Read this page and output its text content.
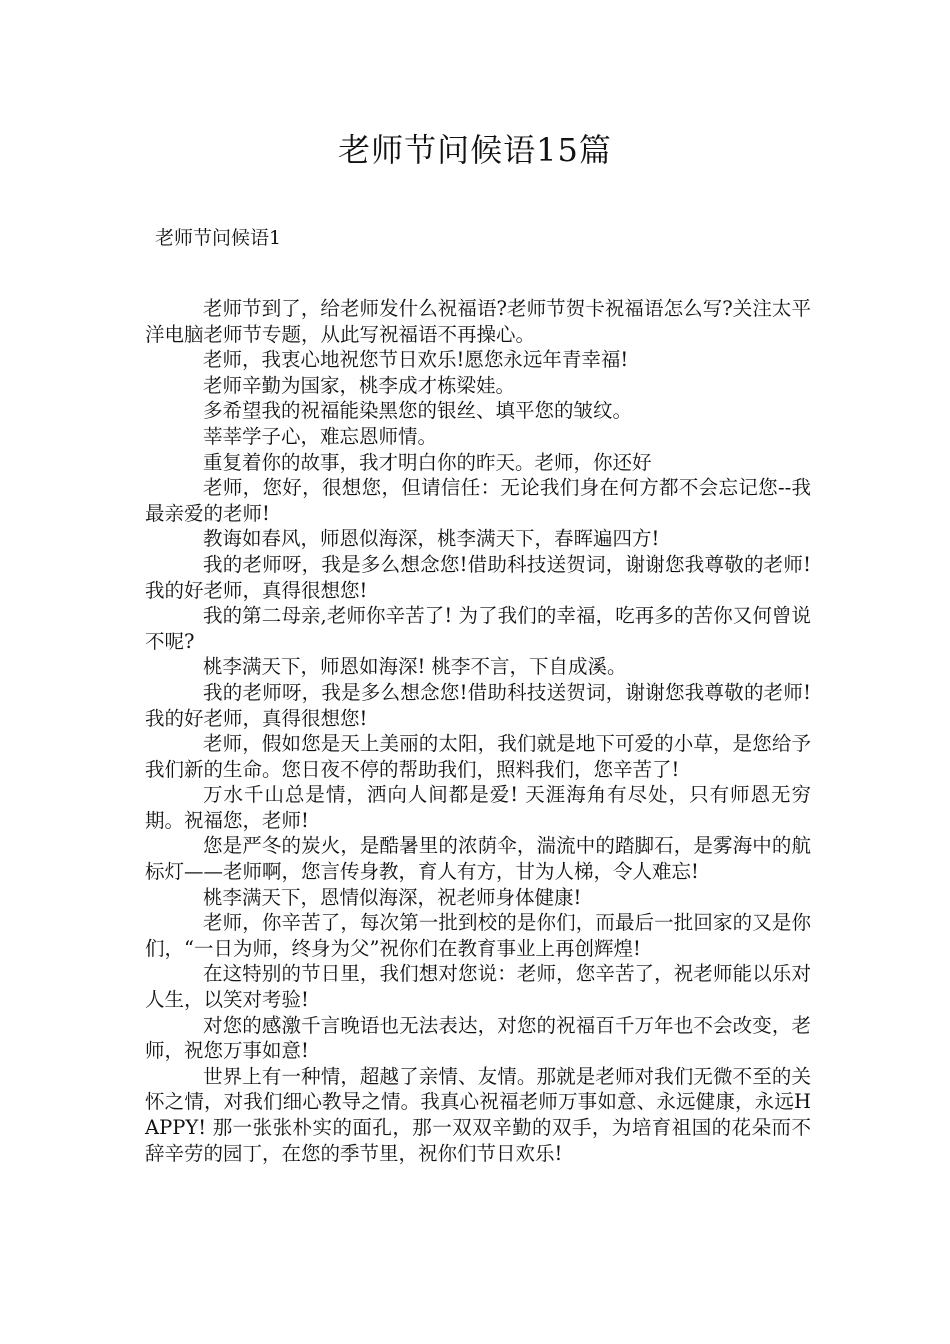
老师节问候语15篇
老师节问候语1

老师节到了，给老师发什么祝福语?老师节贺卡祝福语怎么写?关注太平洋电脑老师节专题，从此写祝福语不再操心。

老师，我衷心地祝您节日欢乐!愿您永远年青幸福!

老师辛勤为国家，桃李成才栋梁娃。

多希望我的祝福能染黑您的银丝、填平您的皱纹。

莘莘学子心，难忘恩师情。

重复着你的故事，我才明白你的昨天。老师，你还好

老师，您好，很想您，但请信任：无论我们身在何方都不会忘记您--我最亲爱的老师!

教诲如春风，师恩似海深，桃李满天下，春晖遍四方!

我的老师呀，我是多么想念您!借助科技送贺词，谢谢您我尊敬的老师! 我的好老师，真得很想您!

我的第二母亲,老师你辛苦了! 为了我们的幸福，吃再多的苦你又何曾说不呢?

桃李满天下，师恩如海深! 桃李不言，下自成溪。

我的老师呀，我是多么想念您!借助科技送贺词，谢谢您我尊敬的老师! 我的好老师，真得很想您!

老师，假如您是天上美丽的太阳，我们就是地下可爱的小草，是您给予我们新的生命。您日夜不停的帮助我们，照料我们，您辛苦了!

万水千山总是情，洒向人间都是爱! 天涯海角有尽处，只有师恩无穷期。祝福您，老师!

您是严冬的炭火，是酷暑里的浓荫伞，湍流中的踏脚石，是雾海中的航标灯——老师啊，您言传身教，育人有方，甘为人梯，令人难忘!

桃李满天下，恩情似海深，祝老师身体健康!

老师，你辛苦了，每次第一批到校的是你们，而最后一批回家的又是你们，“一日为师，终身为父”祝你们在教育事业上再创辉煌!

在这特别的节日里，我们想对您说：老师，您辛苦了，祝老师能以乐对人生，以笑对考验!

对您的感激千言晚语也无法表达，对您的祝福百千万年也不会改变，老师，祝您万事如意!

世界上有一种情，超越了亲情、友情。那就是老师对我们无微不至的关怀之情，对我们细心教导之情。我真心祝福老师万事如意、永远健康，永远HAPPY! 那一张张朴实的面孔，那一双双辛勤的双手，为培育祖国的花朵而不辞辛劳的园丁，在您的季节里，祝你们节日欢乐!
